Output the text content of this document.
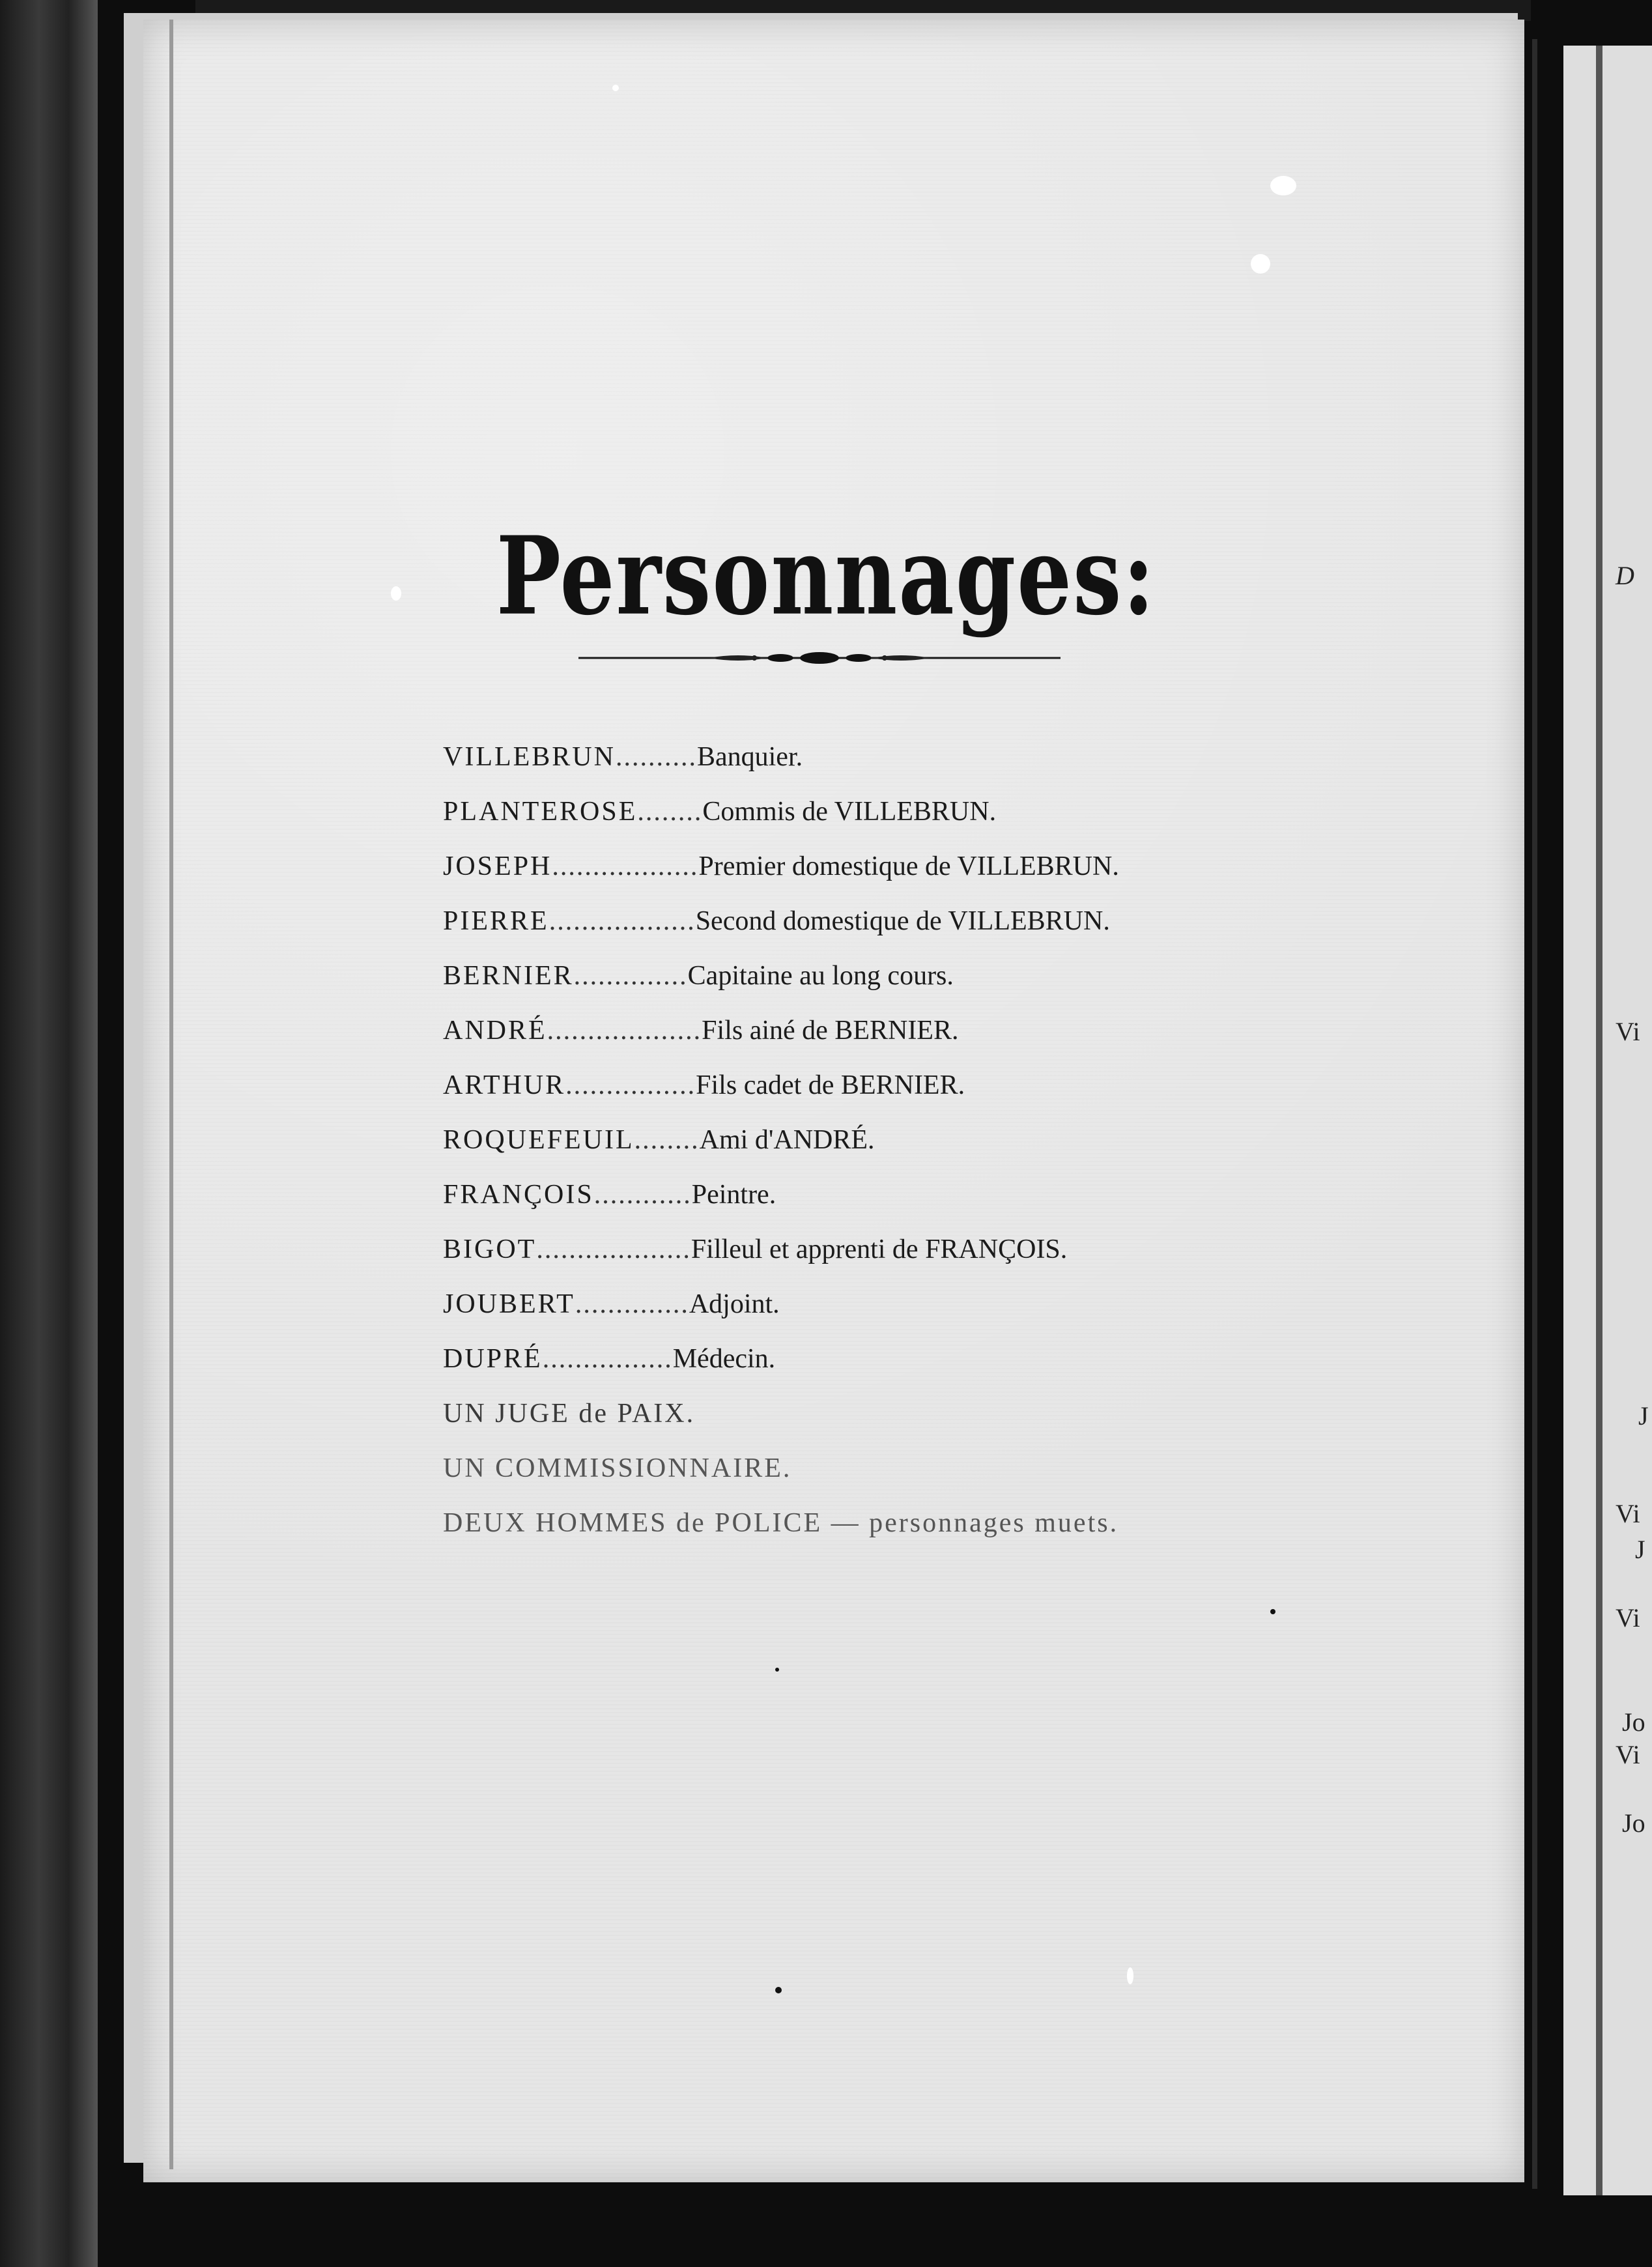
D
Vi
J
Vi
J
Vi
Jo
Vi
Jo
Personnages:
VILLEBRUN..........Banquier.
PLANTEROSE........Commis de VILLEBRUN.
JOSEPH..................Premier domestique de VILLEBRUN.
PIERRE..................Second domestique de VILLEBRUN.
BERNIER..............Capitaine au long cours.
ANDRÉ...................Fils ainé de BERNIER.
ARTHUR................Fils cadet de BERNIER.
ROQUEFEUIL........Ami d'ANDRÉ.
FRANÇOIS............Peintre.
BIGOT...................Filleul et apprenti de FRANÇOIS.
JOUBERT..............Adjoint.
DUPRÉ................Médecin.
UN JUGE de PAIX.
UN COMMISSIONNAIRE.
DEUX HOMMES de POLICE — personnages muets.
